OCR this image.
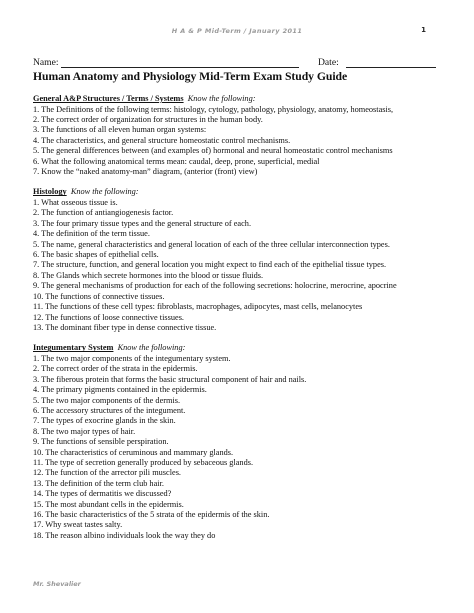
H A & P Mid-Term / January 2011	1
Name:	Date:
Human Anatomy and Physiology Mid-Term Exam Study Guide
General A&P Structures / Terms / Systems Know the following:
1. The Definitions of the following terms: histology, cytology, pathology, physiology, anatomy, homeostasis,
2. The correct order of organization for structures in the human body.
3. The functions of all eleven human organ systems:
4. The characteristics, and general structure homeostatic control mechanisms.
5. The general differences between (and examples of) hormonal and neural homeostatic control mechanisms
6. What the following anatomical terms mean: caudal, deep, prone, superficial, medial
7. Know the “naked anatomy-man” diagram, (anterior (front) view)
Histology Know the following:
1. What osseous tissue is.
2. The function of antiangiogenesis factor.
3. The four primary tissue types and the general structure of each.
4. The definition of the term tissue.
5. The name, general characteristics and general location of each of the three cellular interconnection types.
6. The basic shapes of epithelial cells.
7. The structure, function, and general location you might expect to find each of the epithelial tissue types.
8. The Glands which secrete hormones into the blood or tissue fluids.
9. The general mechanisms of production for each of the following secretions: holocrine, merocrine, apocrine
10. The functions of connective tissues.
11. The functions of these cell types: fibroblasts, macrophages, adipocytes, mast cells, melanocytes
12. The functions of loose connective tissues.
13. The dominant fiber type in dense connective tissue.
Integumentary System Know the following:
1. The two major components of the integumentary system.
2. The correct order of the strata in the epidermis.
3. The fiberous protein that forms the basic structural component of hair and nails.
4. The primary pigments contained in the epidermis.
5. The two major components of the dermis.
6. The accessory structures of the integument.
7. The types of exocrine glands in the skin.
8. The two major types of hair.
9. The functions of sensible perspiration.
10. The characteristics of ceruminous and mammary glands.
11. The type of secretion generally produced by sebaceous glands.
12. The function of the arrector pili muscles.
13. The definition of the term club hair.
14. The types of dermatitis we discussed?
15. The most abundant cells in the epidermis.
16. The basic characteristics of the 5 strata of the epidermis of the skin.
17. Why sweat tastes salty.
18. The reason albino individuals look the way they do
Mr. Shevalier
